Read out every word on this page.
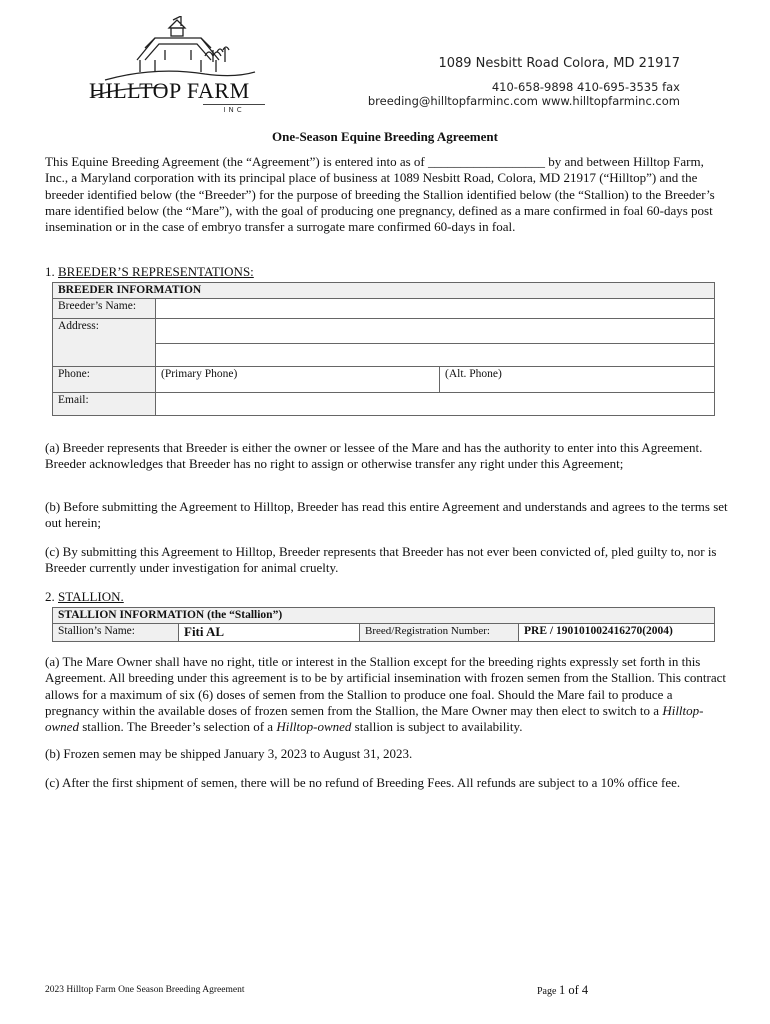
HILLTOP FARM
INC
1089 Nesbitt Road Colora, MD 21917
410-658-9898 410-695-3535 fax
breeding@hilltopfarminc.com www.hilltopfarminc.com
One-Season Equine Breeding Agreement

This Equine Breeding Agreement (the “Agreement”) is entered into as of __________________ by and between Hilltop Farm, Inc., a Maryland corporation with its principal place of business at 1089 Nesbitt Road, Colora, MD 21917 (“Hilltop”) and the breeder identified below (the “Breeder”) for the purpose of breeding the Stallion identified below (the “Stallion) to the Breeder’s mare identified below (the “Mare”), with the goal of producing one pregnancy, defined as a mare confirmed in foal 60-days post insemination or in the case of embryo transfer a surrogate mare confirmed 60-days in foal.

1. BREEDER’S REPRESENTATIONS:
BREEDER INFORMATION		
Breeder’s Name:		
Address:		

Phone:	(Primary Phone)	(Alt. Phone)
Email:		

(a) Breeder represents that Breeder is either the owner or lessee of the Mare and has the authority to enter into this Agreement. Breeder acknowledges that Breeder has no right to assign or otherwise transfer any right under this Agreement;

(b) Before submitting the Agreement to Hilltop, Breeder has read this entire Agreement and understands and agrees to the terms set out herein;

(c) By submitting this Agreement to Hilltop, Breeder represents that Breeder has not ever been convicted of, pled guilty to, nor is Breeder currently under investigation for animal cruelty.

2. STALLION.
STALLION INFORMATION (the “Stallion”)
Stallion’s Name:	Fiti AL	Breed/Registration Number:	PRE / 190101002416270(2004)

(a) The Mare Owner shall have no right, title or interest in the Stallion except for the breeding rights expressly set forth in this Agreement. All breeding under this agreement is to be by artificial insemination with frozen semen from the Stallion. This contract allows for a maximum of six (6) doses of semen from the Stallion to produce one foal. Should the Mare fail to produce a pregnancy within the available doses of frozen semen from the Stallion, the Mare Owner may then elect to switch to a Hilltop-owned stallion. The Breeder’s selection of a Hilltop-owned stallion is subject to availability.

(b) Frozen semen may be shipped January 3, 2023 to August 31, 2023.

(c) After the first shipment of semen, there will be no refund of Breeding Fees. All refunds are subject to a 10% office fee.

2023 Hilltop Farm One Season Breeding Agreement	Page 1 of 4
